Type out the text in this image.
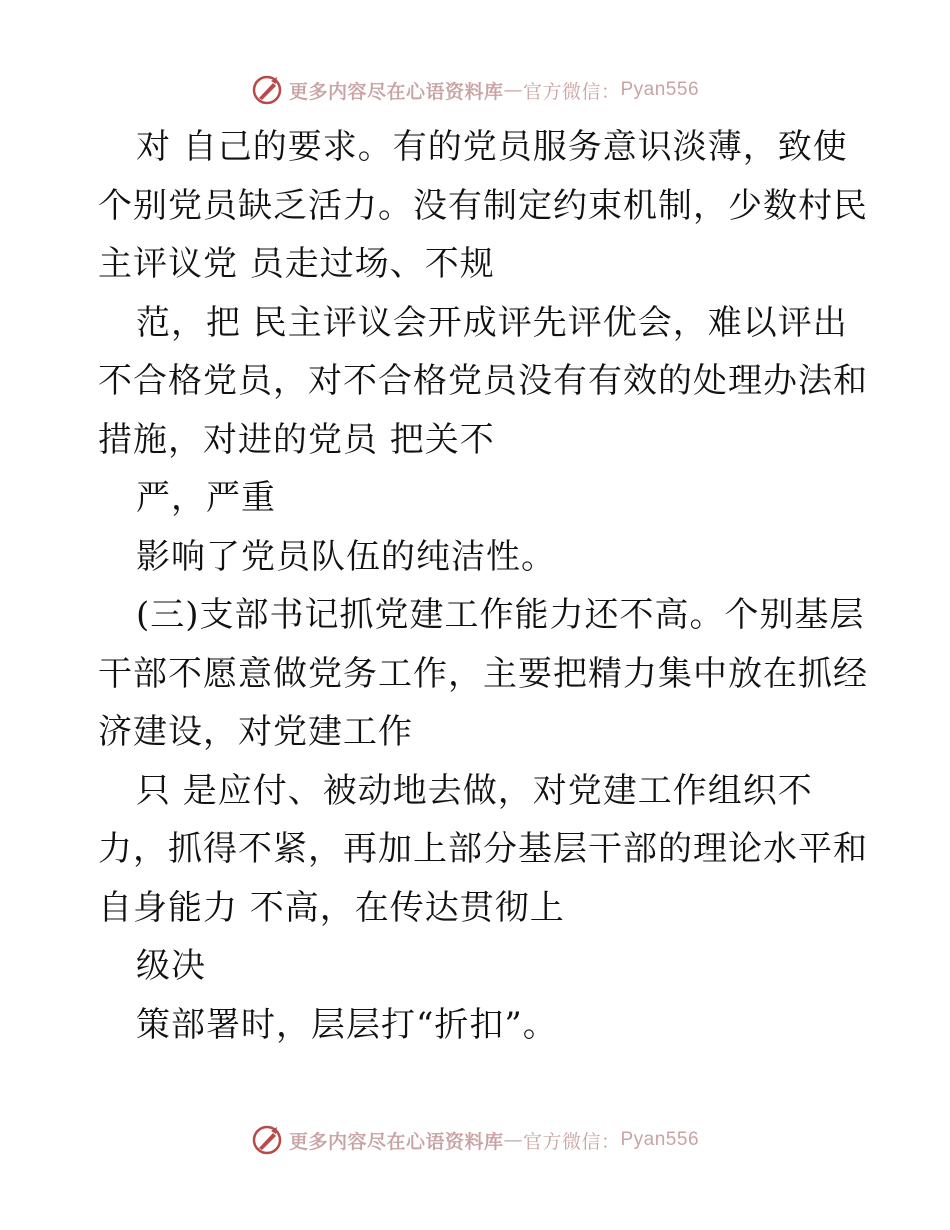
更多内容尽在心语资料库 — 官方微信： Pyan556
对 自己的要求。有的党员服务意识淡薄，致使
个别党员缺乏活力。没有制定约束机制，少数村民
主评议党 员走过场、不规
范，把 民主评议会开成评先评优会，难以评出
不合格党员，对不合格党员没有有效的处理办法和
措施，对进的党员 把关不
严，严重
影响了党员队伍的纯洁性。
(三)支部书记抓党建工作能力还不高。个别基层
干部不愿意做党务工作，主要把精力集中放在抓经
济建设，对党建工作
只 是应付、被动地去做，对党建工作组织不
力，抓得不紧，再加上部分基层干部的理论水平和
自身能力 不高，在传达贯彻上
级决
策部署时，层层打“折扣”。
更多内容尽在心语资料库 — 官方微信： Pyan556
